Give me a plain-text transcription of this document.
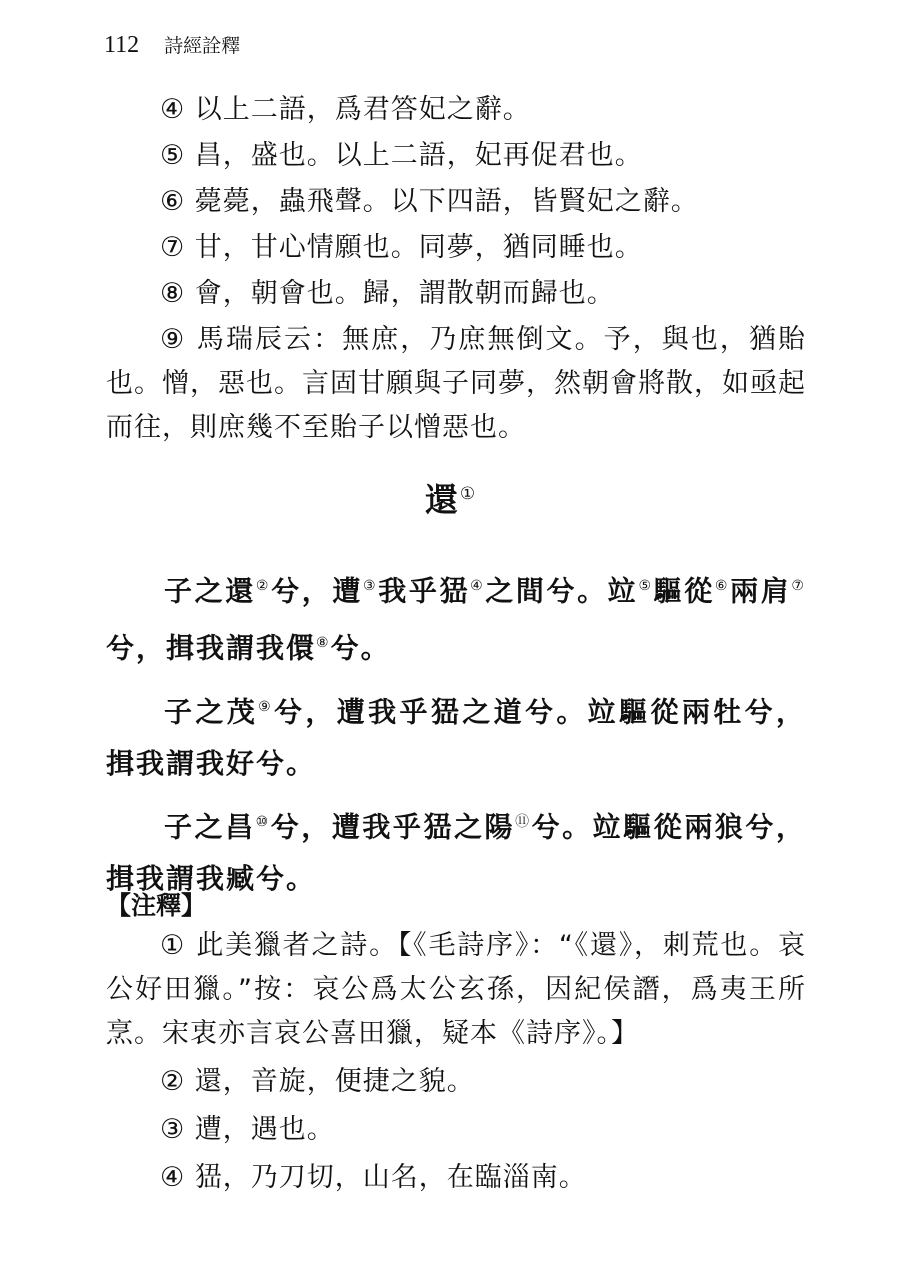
112 詩經詮釋

④ 以上二語，爲君答妃之辭。

⑤ 昌，盛也。以上二語，妃再促君也。

⑥ 薨薨，蟲飛聲。以下四語，皆賢妃之辭。

⑦ 甘，甘心情願也。同夢，猶同睡也。

⑧ 會，朝會也。歸，謂散朝而歸也。

⑨ 馬瑞辰云：無庶，乃庶無倒文。予，與也，猶貽也。憎，惡也。言固甘願與子同夢，然朝會將散，如亟起而往，則庶幾不至貽子以憎惡也。

還 ①

子之還②兮，遭③我乎峱④之間兮。竝⑤驅從⑥兩肩⑦兮，揖我謂我儇⑧兮。

子之茂⑨兮，遭我乎峱之道兮。竝驅從兩牡兮，揖我謂我好兮。

子之昌⑩兮，遭我乎峱之陽⑪兮。竝驅從兩狼兮，揖我謂我臧兮。

【注釋】

① 此美獵者之詩。【《毛詩序》：“《還》，刺荒也。哀公好田獵。”按：哀公爲太公玄孫，因紀侯譖，爲夷王所烹。宋衷亦言哀公喜田獵，疑本《詩序》。】

② 還，音旋，便捷之貌。

③ 遭，遇也。

④ 峱，乃刀切，山名，在臨淄南。
